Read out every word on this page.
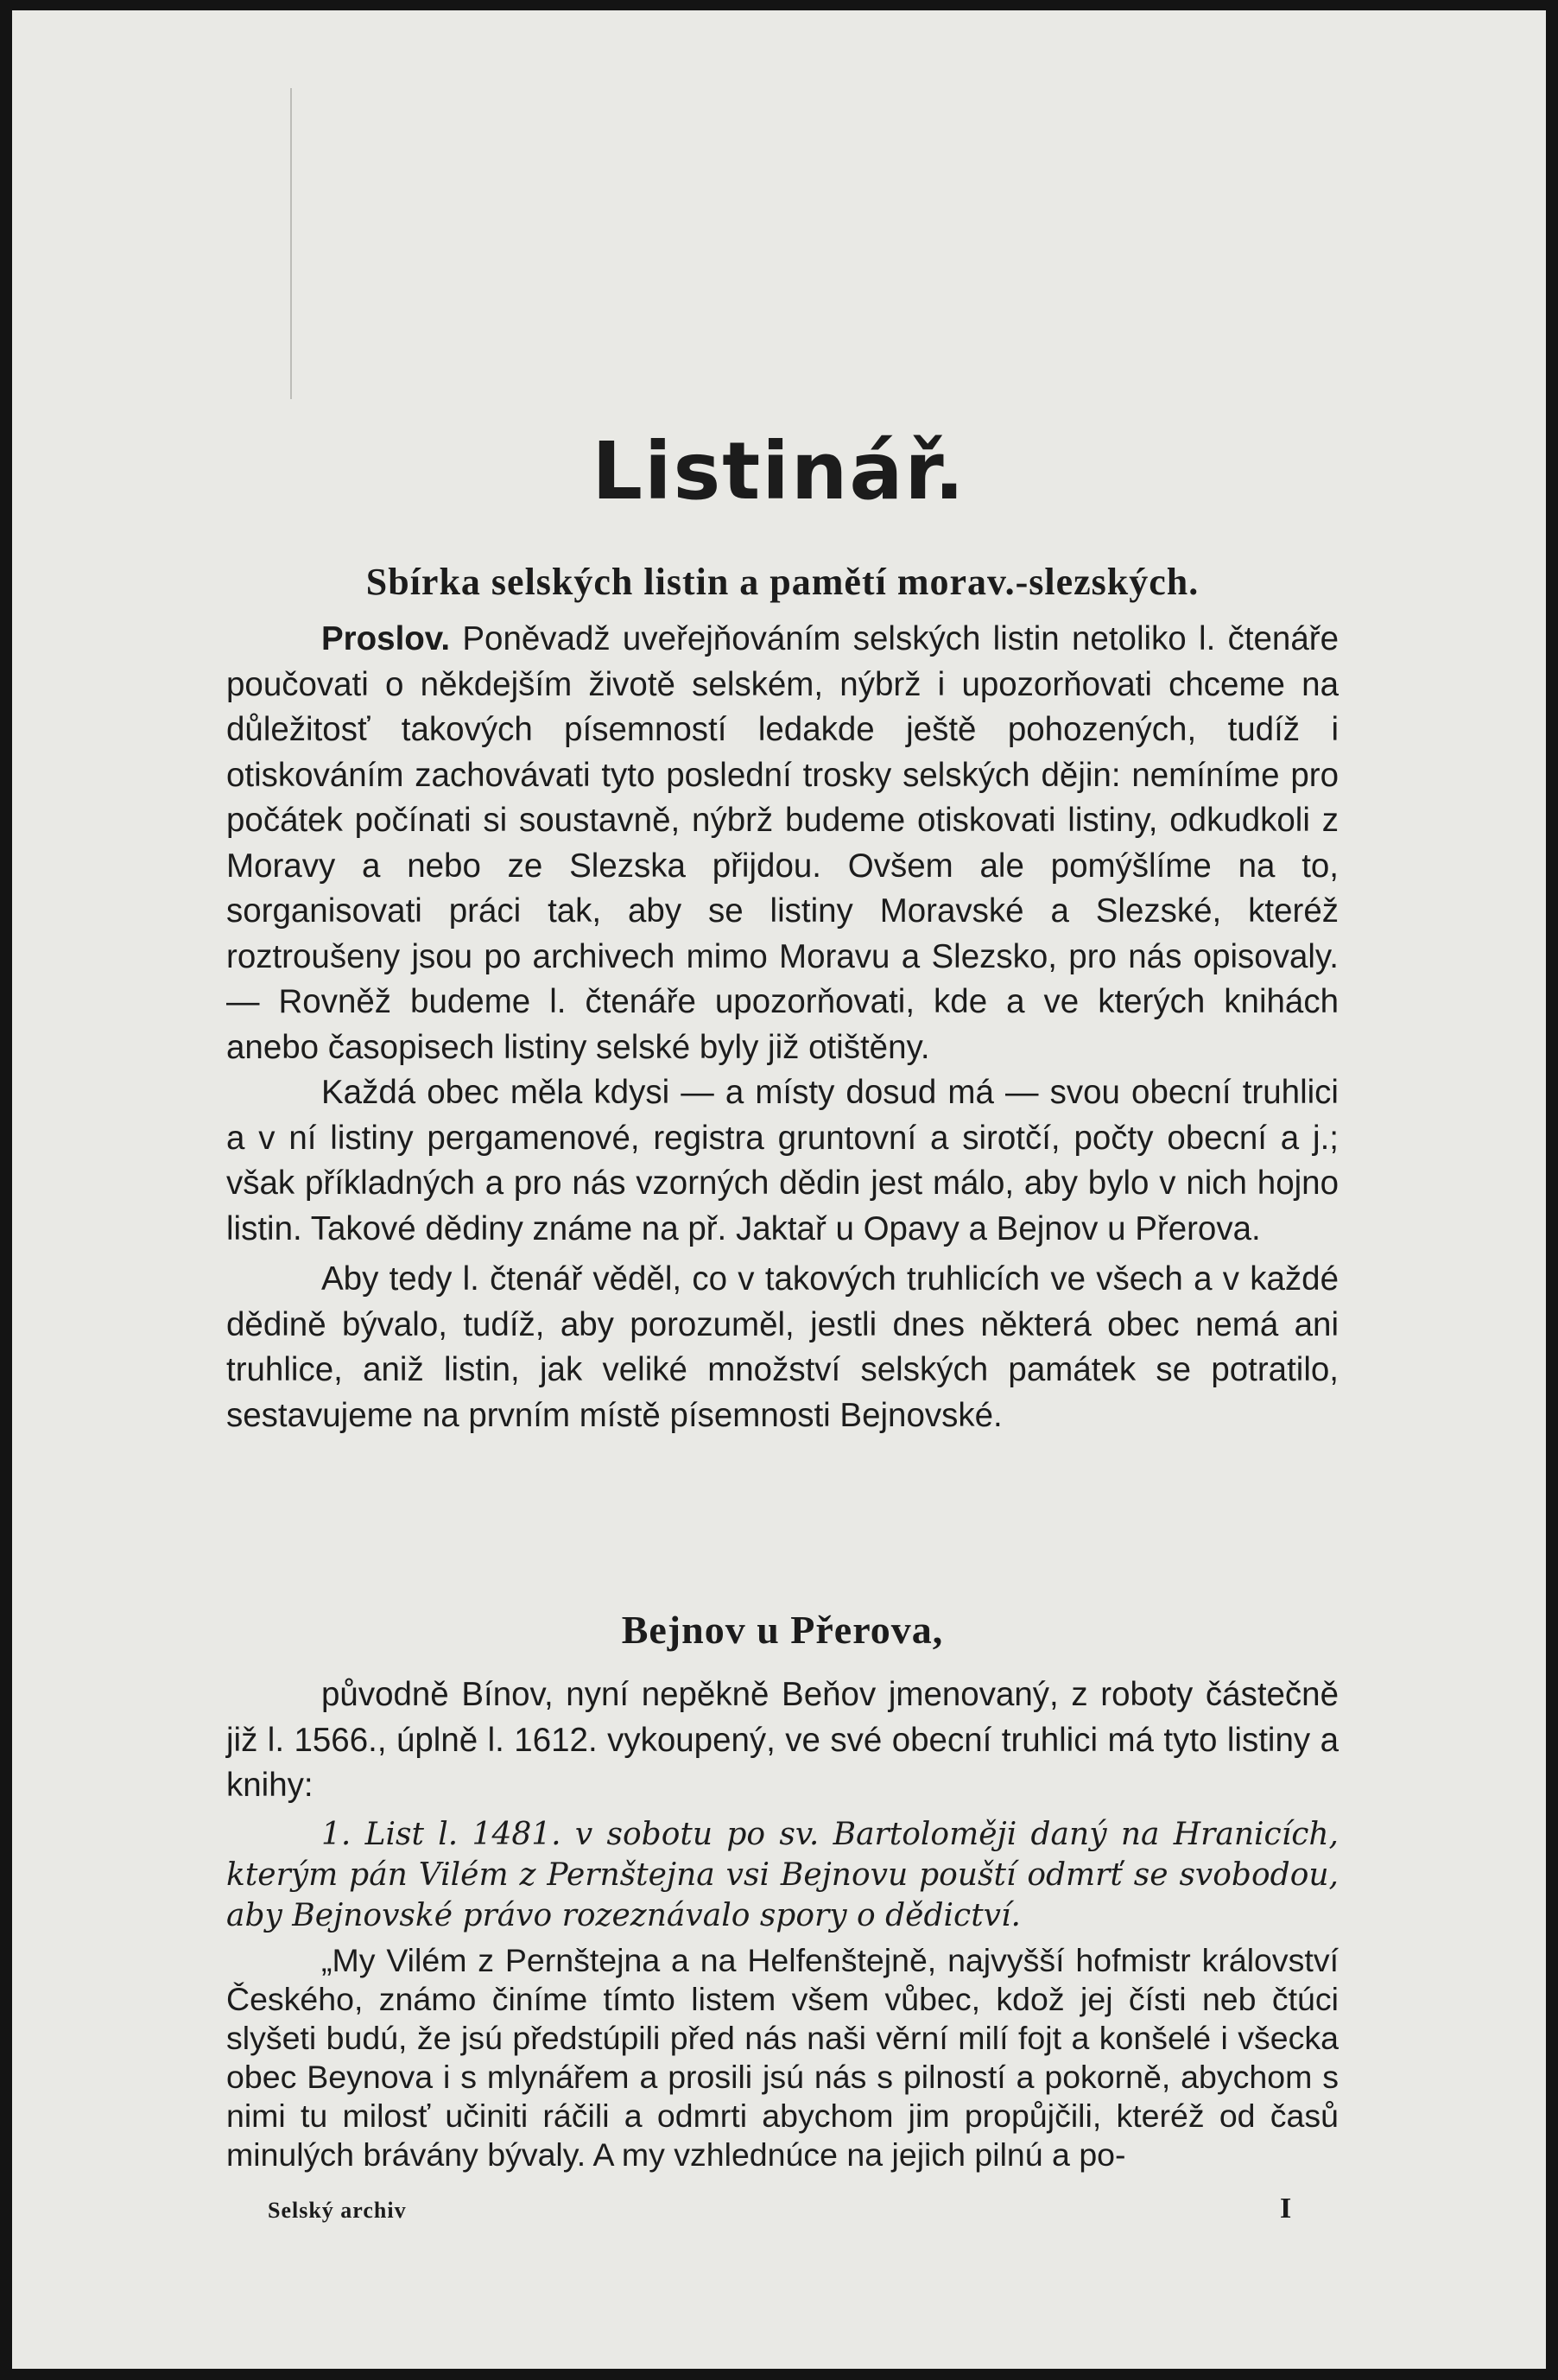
Listinář.
Sbírka selských listin a pamětí morav.-slezských.

Proslov. Poněvadž uveřejňováním selských listin netoliko l. čtenáře poučovati o někdejším životě selském, nýbrž i upozorňovati chceme na důležitosť takových písemností ledakde ještě pohozených, tudíž i otiskováním zachovávati tyto poslední trosky selských dějin: nemíníme pro počátek počínati si soustavně, nýbrž budeme otiskovati listiny, odkudkoli z Moravy a nebo ze Slezska přijdou. Ovšem ale pomýšlíme na to, sorganisovati práci tak, aby se listiny Moravské a Slezské, kteréž roztroušeny jsou po archivech mimo Moravu a Slezsko, pro nás opisovaly. — Rovněž budeme l. čtenáře upozorňovati, kde a ve kterých knihách anebo časopisech listiny selské byly již otištěny.

Každá obec měla kdysi — a místy dosud má — svou obecní truhlici a v ní listiny pergamenové, registra gruntovní a sirotčí, počty obecní a j.; však příkladných a pro nás vzorných dědin jest málo, aby bylo v nich hojno listin. Takové dědiny známe na př. Jaktař u Opavy a Bejnov u Přerova.

Aby tedy l. čtenář věděl, co v takových truhlicích ve všech a v každé dědině bývalo, tudíž, aby porozuměl, jestli dnes některá obec nemá ani truhlice, aniž listin, jak veliké množství selských památek se potratilo, sestavujeme na prvním místě písemnosti Bejnovské.

Bejnov u Přerova,

původně Bínov, nyní nepěkně Beňov jmenovaný, z roboty částečně již l. 1566., úplně l. 1612. vykoupený, ve své obecní truhlici má tyto listiny a knihy:

1. List l. 1481. v sobotu po sv. Bartoloměji daný na Hranicích, kterým pán Vilém z Pernštejna vsi Bejnovu pouští odmrť se svobodou, aby Bejnovské právo rozeznávalo spory o dědictví.

„My Vilém z Pernštejna a na Helfenštejně, najvyšší hofmistr království Českého, známo činíme tímto listem všem vůbec, kdož jej čísti neb čtúci slyšeti budú, že jsú předstúpili před nás naši věrní milí fojt a konšelé i všecka obec Beynova i s mlynářem a prosili jsú nás s pilností a pokorně, abychom s nimi tu milosť učiniti ráčili a odmrti abychom jim propůjčili, kteréž od časů minulých brávány bývaly. A my vzhlednúce na jejich pilnú a po-

Selský archiv	I
